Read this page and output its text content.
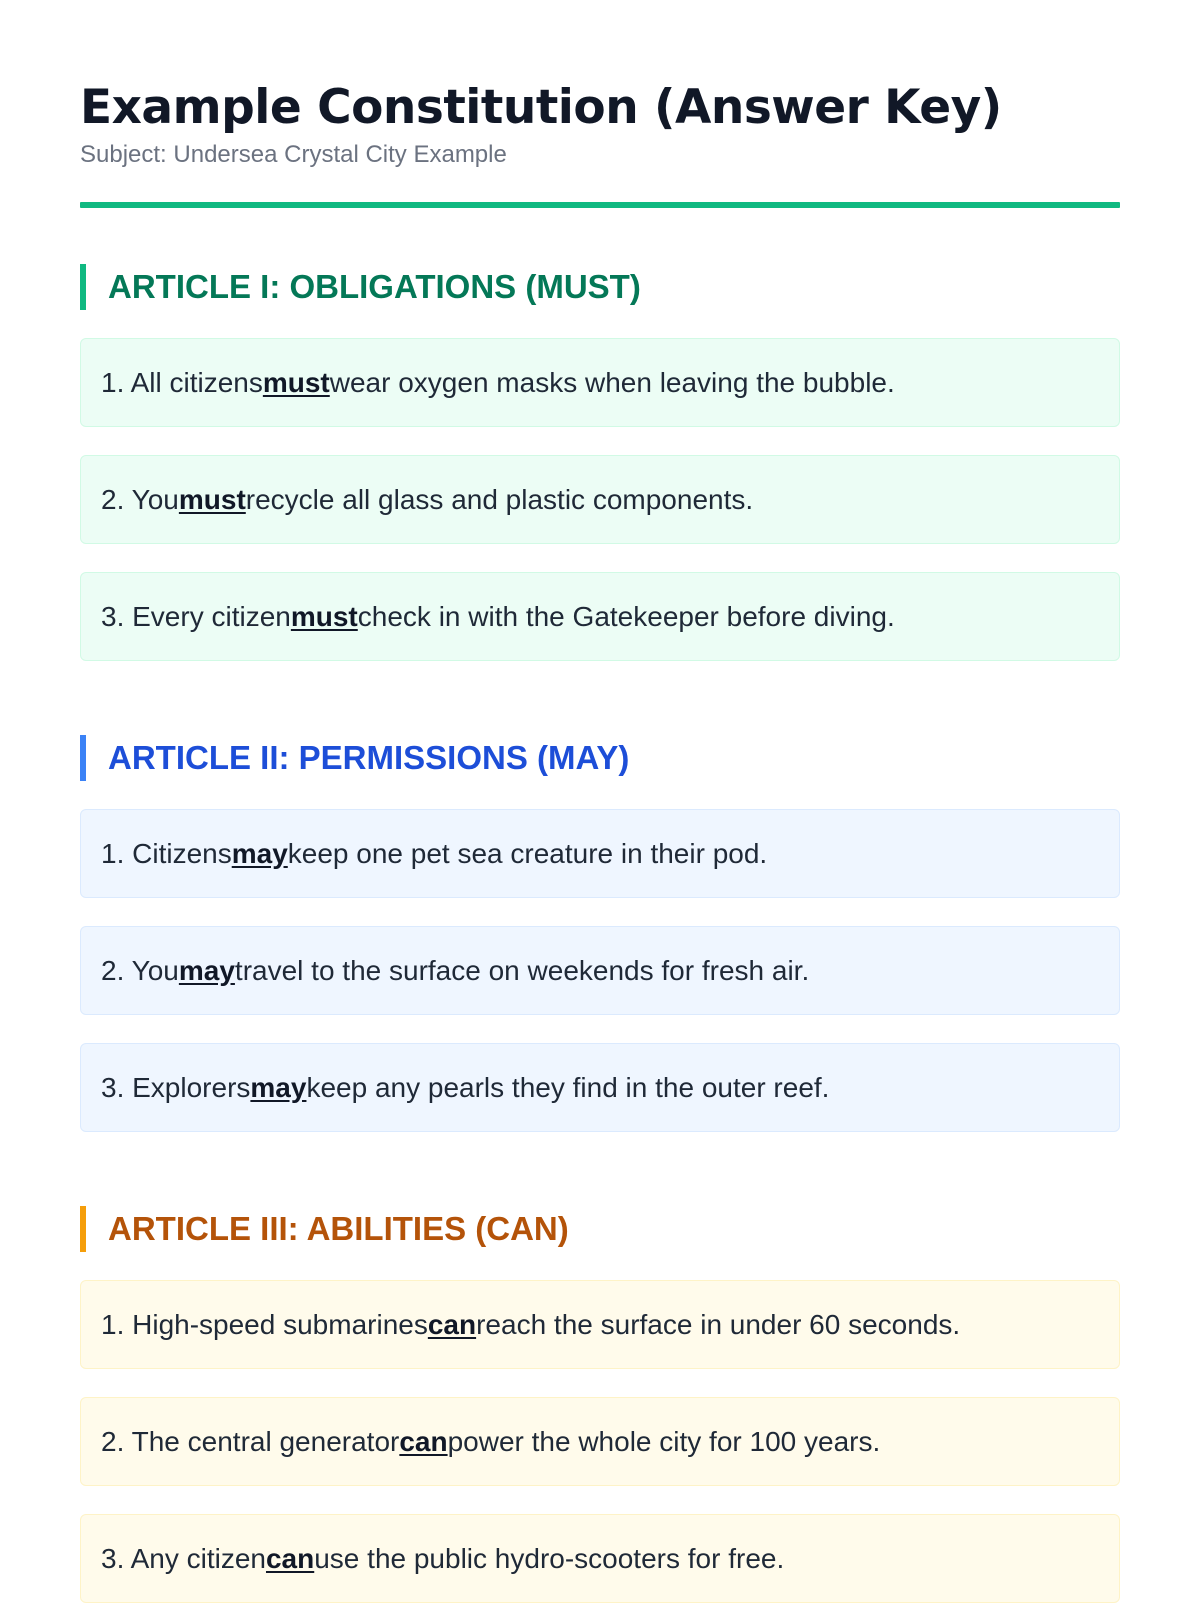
Example Constitution (Answer Key)

Subject: Undersea Crystal City Example

ARTICLE I: OBLIGATIONS (MUST)
1. All citizens must wear oxygen masks when leaving the bubble.
2. You must recycle all glass and plastic components.
3. Every citizen must check in with the Gatekeeper before diving.
ARTICLE II: PERMISSIONS (MAY)
1. Citizens may keep one pet sea creature in their pod.
2. You may travel to the surface on weekends for fresh air.
3. Explorers may keep any pearls they find in the outer reef.
ARTICLE III: ABILITIES (CAN)
1. High-speed submarines can reach the surface in under 60 seconds.
2. The central generator can power the whole city for 100 years.
3. Any citizen can use the public hydro-scooters for free.
